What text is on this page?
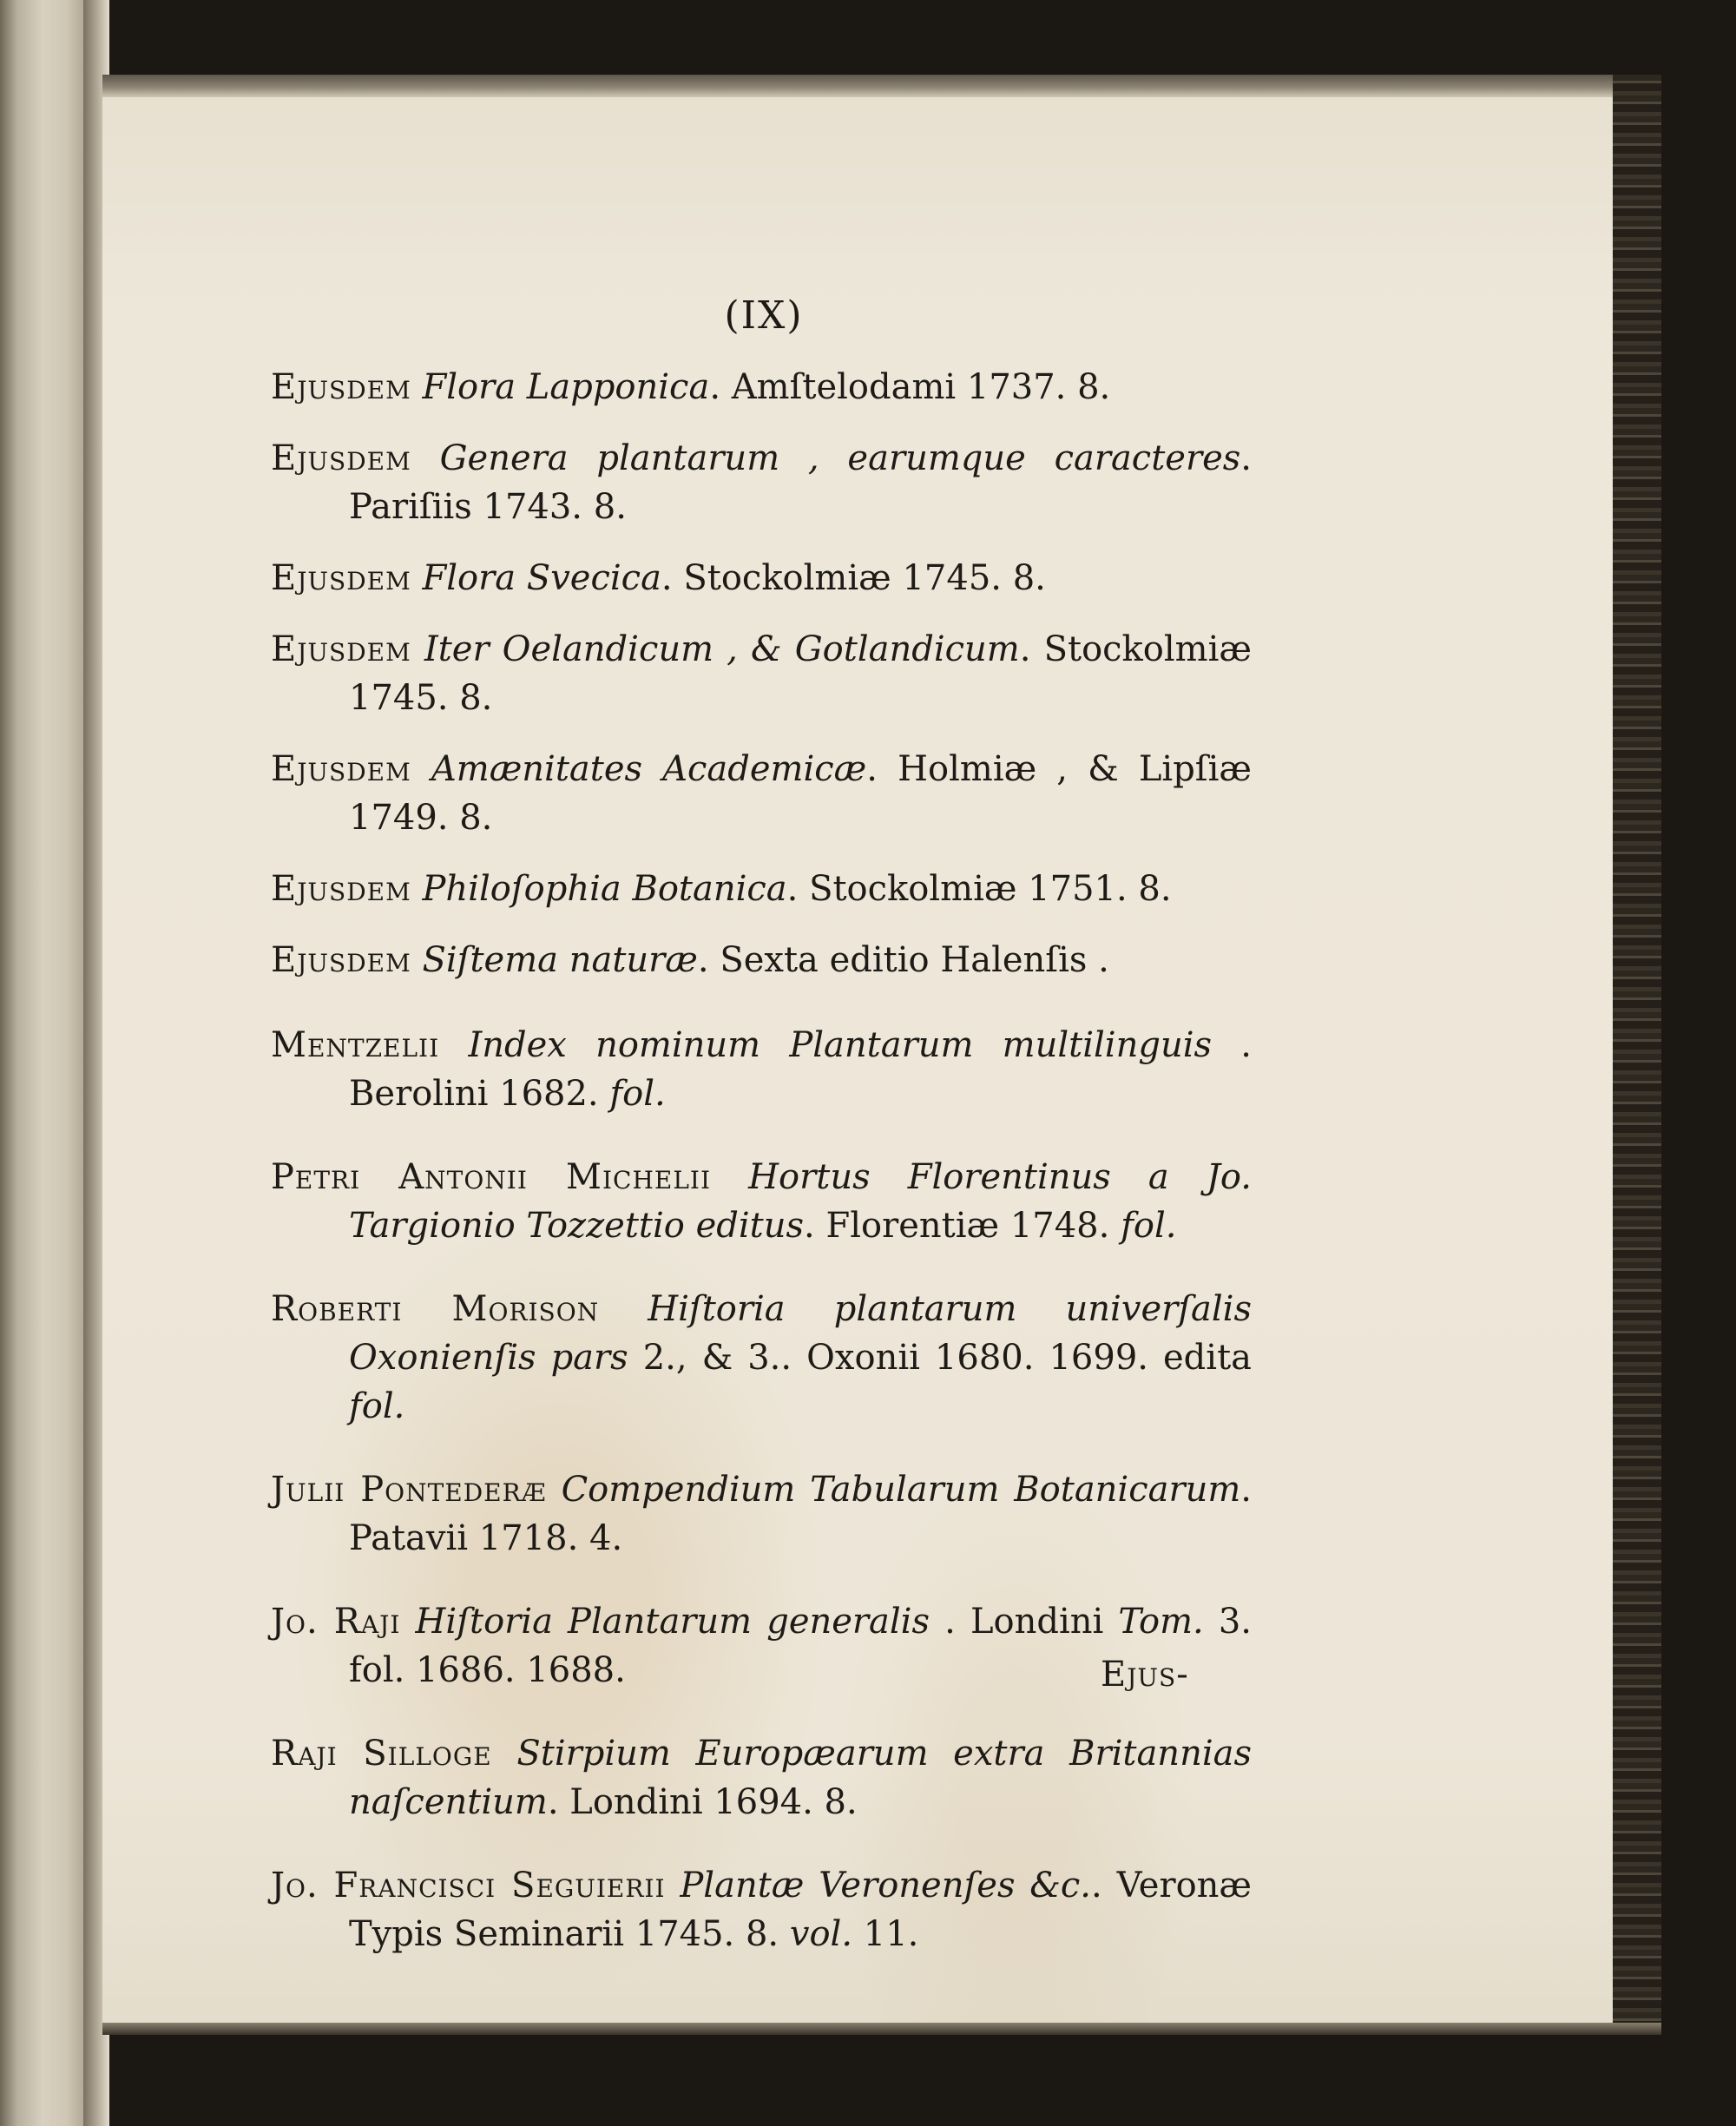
(IX)
Ejusdem Flora Lapponica. Amſtelodami 1737. 8.
Ejusdem Genera plantarum , earumque caracteres. Pariſiis 1743. 8.
Ejusdem Flora Svecica. Stockolmiæ 1745. 8.
Ejusdem Iter Oelandicum , & Gotlandicum. Stockolmiæ 1745. 8.
Ejusdem Amænitates Academicæ. Holmiæ , & Lipſiæ 1749. 8.
Ejusdem Philoſophia Botanica. Stockolmiæ 1751. 8.
Ejusdem Siſtema naturæ. Sexta editio Halenſis .
Mentzelii Index nominum Plantarum multilinguis . Berolini 1682. fol.
Petri Antonii Michelii Hortus Florentinus a Jo. Targionio Tozzettio editus. Florentiæ 1748. fol.
Roberti Morison Hiſtoria plantarum univerſalis Oxonienſis pars 2., & 3.. Oxonii 1680. 1699. edita fol.
Julii Pontederæ Compendium Tabularum Botanicarum. Patavii 1718. 4.
Jo. Raji Hiſtoria Plantarum generalis . Londini Tom. 3. fol. 1686. 1688.
Raji Silloge Stirpium Europæarum extra Britannias naſcentium. Londini 1694. 8.
Jo. Francisci Seguierii Plantæ Veronenſes &c.. Veronæ Typis Seminarii 1745. 8. vol. 11.
Ejus-
